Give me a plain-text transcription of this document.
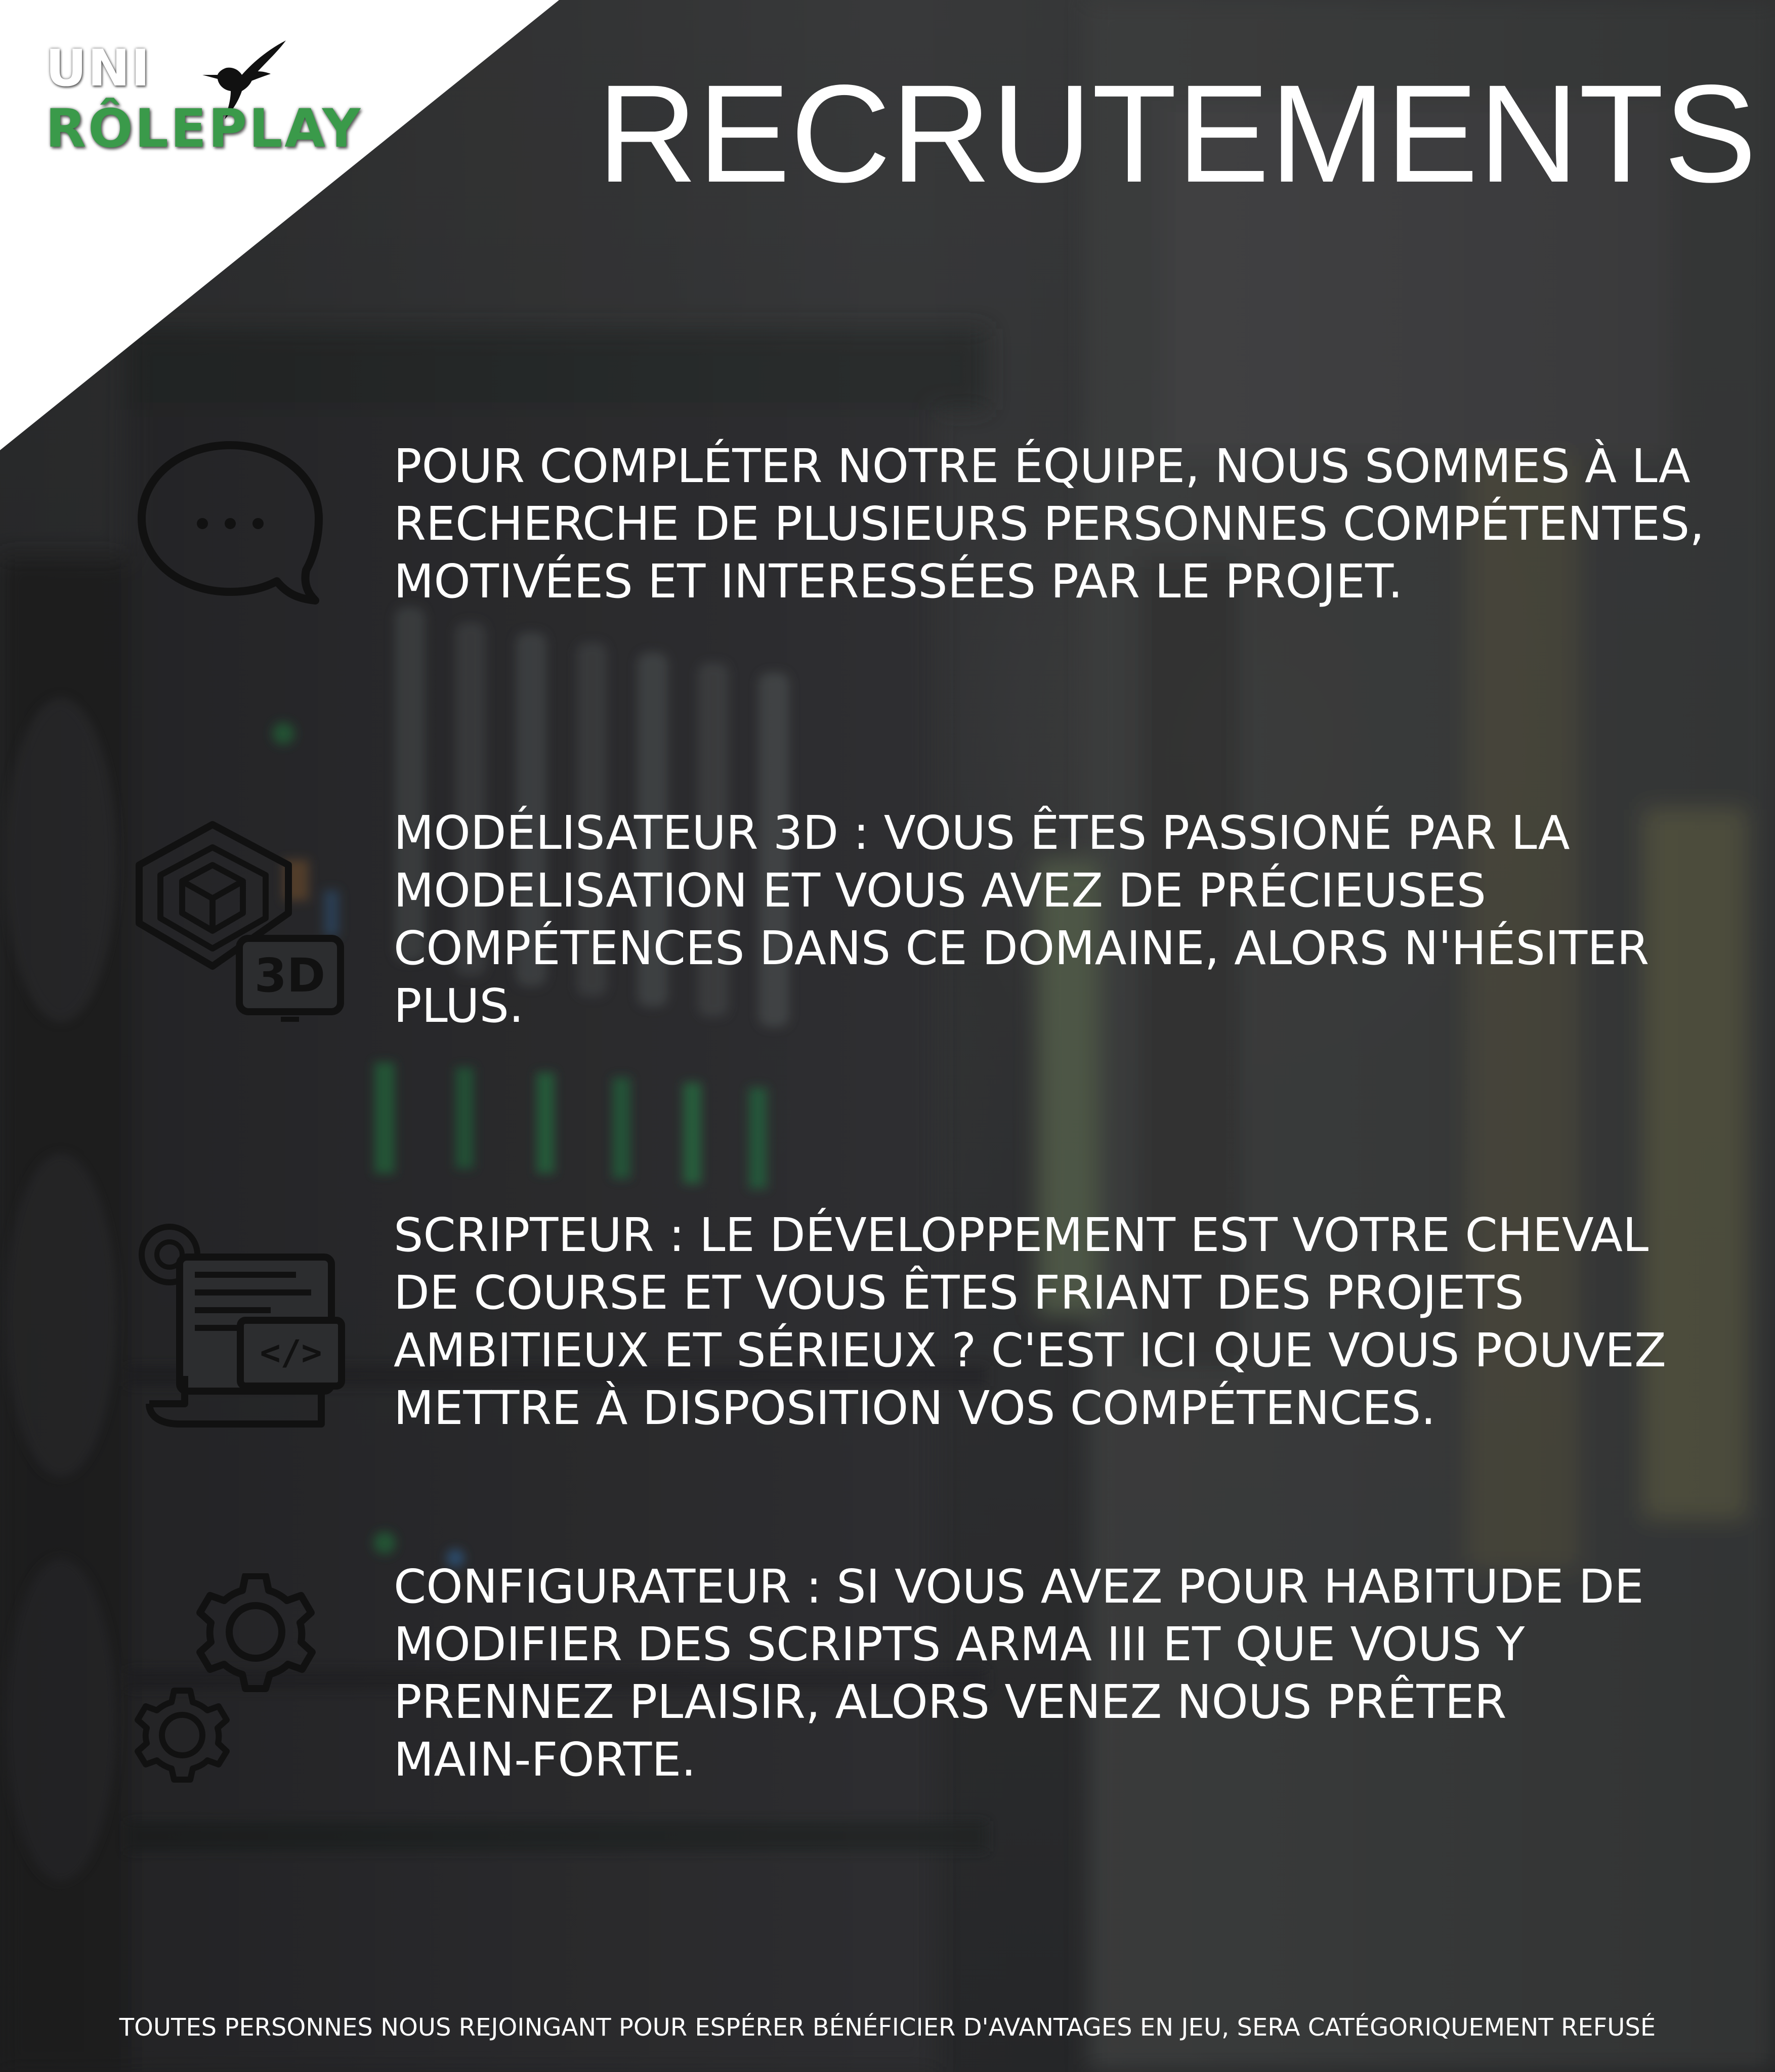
UNI
RÔLEPLAY RECRUTEMENTS
POUR COMPLÉTER NOTRE ÉQUIPE, NOUS SOMMES À LA
RECHERCHE DE PLUSIEURS PERSONNES COMPÉTENTES,
MOTIVÉES ET INTERESSÉES PAR LE PROJET.
3D
MODÉLISATEUR 3D : VOUS ÊTES PASSIONÉ PAR LA
MODELISATION ET VOUS AVEZ DE PRÉCIEUSES
COMPÉTENCES DANS CE DOMAINE, ALORS N'HÉSITER
PLUS.
</>
SCRIPTEUR : LE DÉVELOPPEMENT EST VOTRE CHEVAL
DE COURSE ET VOUS ÊTES FRIANT DES PROJETS
AMBITIEUX ET SÉRIEUX ? C'EST ICI QUE VOUS POUVEZ
METTRE À DISPOSITION VOS COMPÉTENCES.
CONFIGURATEUR : SI VOUS AVEZ POUR HABITUDE DE
MODIFIER DES SCRIPTS ARMA III ET QUE VOUS Y
PRENNEZ PLAISIR, ALORS VENEZ NOUS PRÊTER
MAIN-FORTE.
TOUTES PERSONNES NOUS REJOINGANT POUR ESPÉRER BÉNÉFICIER D'AVANTAGES EN JEU, SERA CATÉGORIQUEMENT REFUSÉ
